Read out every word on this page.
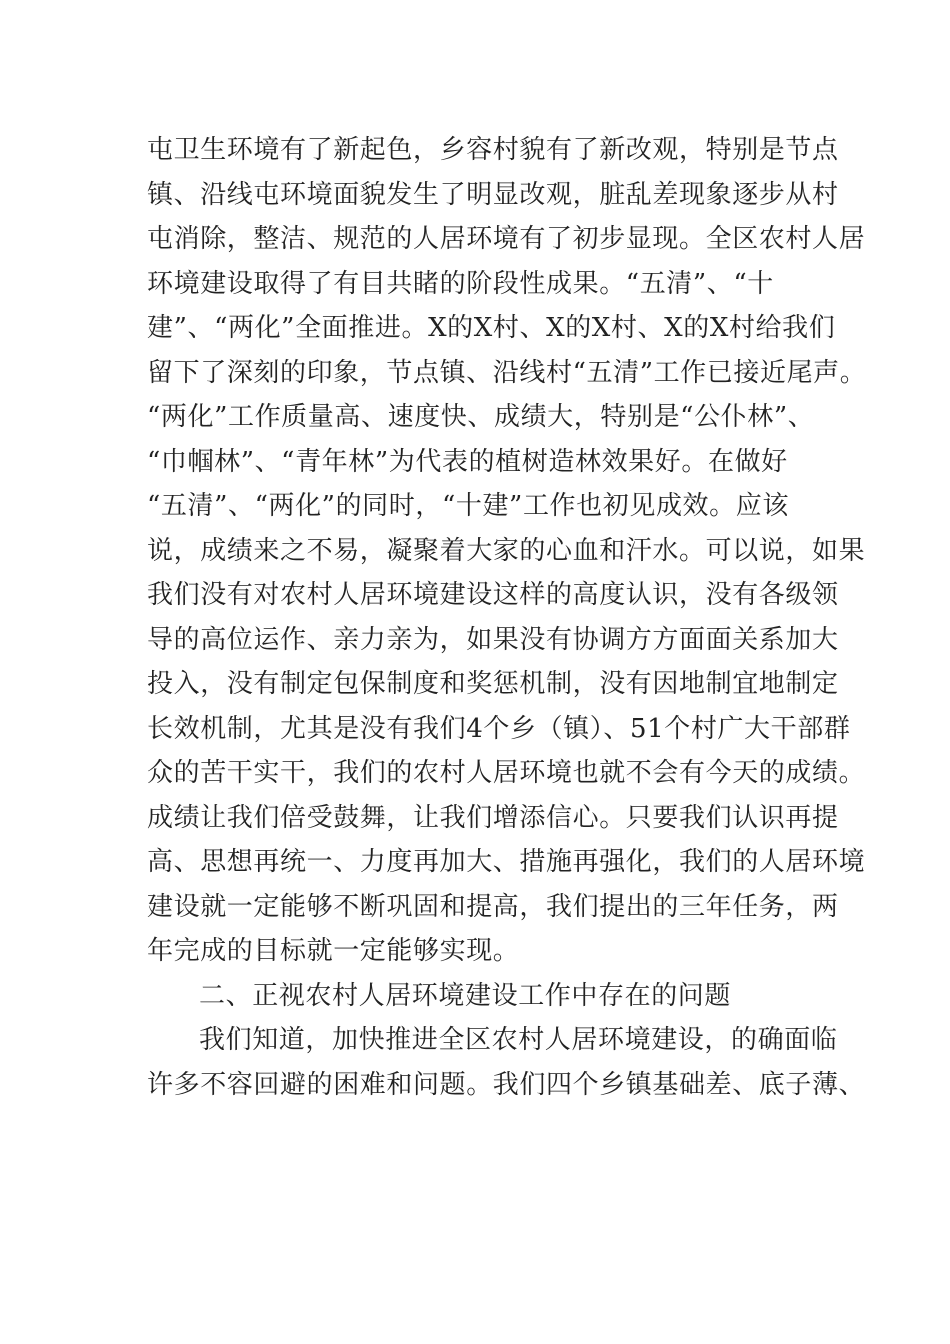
屯卫生环境有了新起色，乡容村貌有了新改观，特别是节点
镇、沿线屯环境面貌发生了明显改观，脏乱差现象逐步从村
屯消除，整洁、规范的人居环境有了初步显现。全区农村人居
环境建设取得了有目共睹的阶段性成果。“五清”、“十
建”、“两化”全面推进。X的X村、X的X村、X的X村给我们
留下了深刻的印象，节点镇、沿线村“五清”工作已接近尾声。
“两化”工作质量高、速度快、成绩大，特别是“公仆林”、
“巾帼林”、“青年林”为代表的植树造林效果好。在做好
“五清”、“两化”的同时，“十建”工作也初见成效。应该
说，成绩来之不易，凝聚着大家的心血和汗水。可以说，如果
我们没有对农村人居环境建设这样的高度认识，没有各级领
导的高位运作、亲力亲为，如果没有协调方方面面关系加大
投入，没有制定包保制度和奖惩机制，没有因地制宜地制定
长效机制，尤其是没有我们4个乡（镇）、51个村广大干部群
众的苦干实干，我们的农村人居环境也就不会有今天的成绩。
成绩让我们倍受鼓舞，让我们增添信心。只要我们认识再提
高、思想再统一、力度再加大、措施再强化，我们的人居环境
建设就一定能够不断巩固和提高，我们提出的三年任务，两
年完成的目标就一定能够实现。
二、正视农村人居环境建设工作中存在的问题
我们知道，加快推进全区农村人居环境建设，的确面临
许多不容回避的困难和问题。我们四个乡镇基础差、底子薄、
